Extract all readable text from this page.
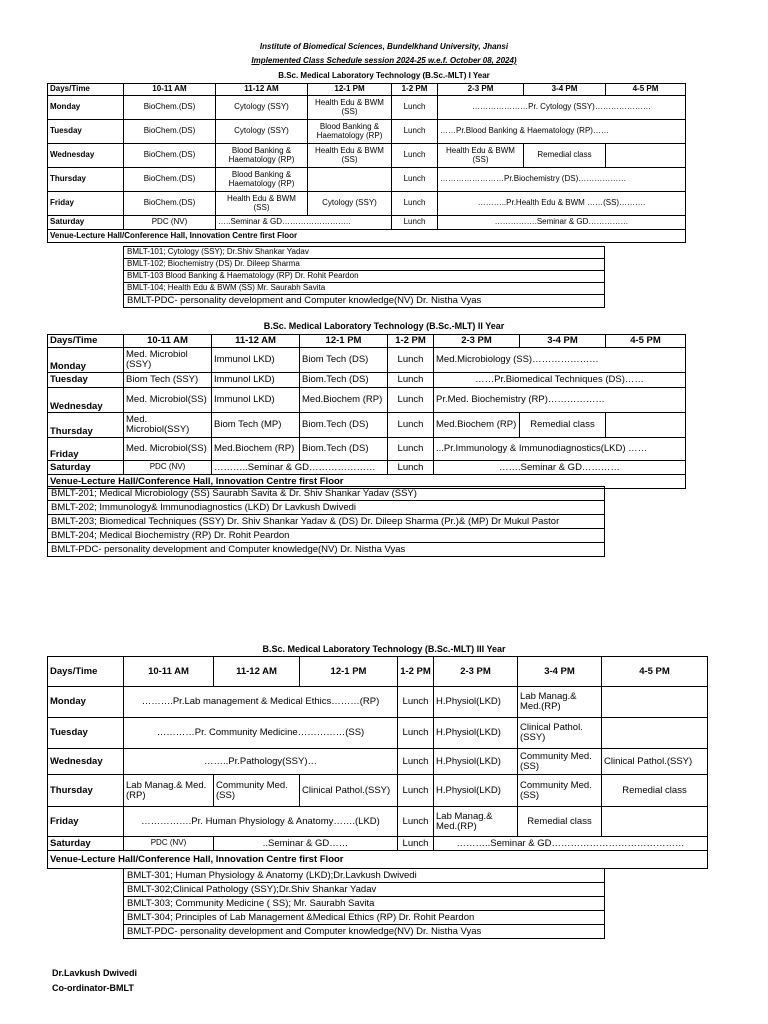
Institute of Biomedical Sciences, Bundelkhand University, Jhansi
Implemented Class Schedule session 2024-25 w.e.f. October 08, 2024)
B.Sc. Medical Laboratory Technology (B.Sc.-MLT) I Year
Days/Time	10-11 AM	11-12 AM	12-1 PM	1-2 PM	2-3 PM	3-4 PM	4-5 PM
Monday	BioChem.(DS)	Cytology (SSY)	Health Edu & BWM (SS)	Lunch	…………………Pr. Cytology (SSY)…………………		
Tuesday	BioChem.(DS)	Cytology (SSY)	Blood Banking & Haematology (RP)	Lunch	……Pr.Blood Banking & Haematology (RP)……		
Wednesday	BioChem.(DS)	Blood Banking & Haematology (RP)	Health Edu & BWM (SS)	Lunch	Health Edu & BWM (SS)	Remedial class	
Thursday	BioChem.(DS)	Blood Banking & Haematology (RP)		Lunch	……………………Pr.Biochemistry (DS)………………		
Friday	BioChem.(DS)	Health Edu & BWM (SS)	Cytology (SSY)	Lunch	………..Pr.Health Edu & BWM ……(SS)……….		
Saturday	PDC (NV)	…..Seminar & GD……………………..		Lunch	…………….Seminar & GD……………		
Venue-Lecture Hall/Conference Hall, Innovation Centre first Floor							
BMLT-101; Cytology (SSY); Dr.Shiv Shankar Yadav
BMLT-102; Biochemistry (DS) Dr. Dileep Sharma
BMLT-103 Blood Banking & Haematology (RP) Dr. Rohit Peardon
BMLT-104; Health Edu & BWM (SS) Mr. Saurabh Savita
BMLT-PDC- personality development and Computer knowledge(NV) Dr. Nistha Vyas
B.Sc. Medical Laboratory Technology (B.Sc.-MLT) II Year
Days/Time	10-11 AM	11-12 AM	12-1 PM	1-2 PM	2-3 PM	3-4 PM	4-5 PM
Monday	Med. Microbiol (SSY)	Immunol LKD)	Biom Tech (DS)	Lunch	Med.Microbiology (SS)…………………		
Tuesday	Biom Tech (SSY)	Immunol LKD)	Biom.Tech (DS)	Lunch	……Pr.Biomedical Techniques (DS)……		
Wednesday	Med. Microbiol(SS)	Immunol LKD)	Med.Biochem (RP)	Lunch	Pr.Med. Biochemistry (RP)………………		
Thursday	Med. Microbiol(SSY)	Biom Tech (MP)	Biom.Tech (DS)	Lunch	Med.Biochem (RP)	Remedial class	
Friday	Med. Microbiol(SS)	Med.Biochem (RP)	Biom.Tech (DS)	Lunch	...Pr.Immunology & Immunodiagnostics(LKD) ……		
Saturday	PDC (NV)	………..Seminar & GD…………………		Lunch	…….Seminar & GD…………		
Venue-Lecture Hall/Conference Hall, Innovation Centre first Floor							
BMLT-201; Medical Microbiology (SS) Saurabh Savita & Dr. Shiv Shankar Yadav (SSY)
BMLT-202; Immunology& Immunodiagnostics (LKD) Dr Lavkush Dwivedi
BMLT-203; Biomedical Techniques (SSY) Dr. Shiv Shankar Yadav & (DS) Dr. Dileep Sharma (Pr.)& (MP) Dr Mukul Pastor
BMLT-204; Medical Biochemistry (RP) Dr. Rohit Peardon
BMLT-PDC- personality development and Computer knowledge(NV) Dr. Nistha Vyas
B.Sc. Medical Laboratory Technology (B.Sc.-MLT) III Year
Days/Time	10-11 AM	11-12 AM	12-1 PM	1-2 PM	2-3 PM	3-4 PM	4-5 PM
Monday	……….Pr.Lab management & Medical Ethics………(RP)			Lunch	H.Physiol(LKD)	Lab Manag.& Med.(RP)	
Tuesday	…………Pr. Community Medicine……………(SS)			Lunch	H.Physiol(LKD)	Clinical Pathol.(SSY)	
Wednesday	……..Pr.Pathology(SSY)…			Lunch	H.Physiol(LKD)	Community Med.(SS)	Clinical Pathol.(SSY)
Thursday	Lab Manag.& Med.(RP)	Community Med.(SS)	Clinical Pathol.(SSY)	Lunch	H.Physiol(LKD)	Community Med.(SS)	Remedial class
Friday	…………….Pr. Human Physiology & Anatomy…….(LKD)			Lunch	Lab Manag.& Med.(RP)	Remedial class	
Saturday	PDC (NV)	..Seminar & GD……		Lunch	………..Seminar & GD……………………………………		
Venue-Lecture Hall/Conference Hall, Innovation Centre first Floor							
BMLT-301; Human Physiology & Anatomy (LKD);Dr.Lavkush Dwivedi
BMLT-302;Clinical Pathology (SSY);Dr.Shiv Shankar Yadav
BMLT-303; Community Medicine ( SS); Mr. Saurabh Savita
BMLT-304; Principles of Lab Management &Medical Ethics (RP) Dr. Rohit Peardon
BMLT-PDC- personality development and Computer knowledge(NV) Dr. Nistha Vyas
Dr.Lavkush Dwivedi
Co-ordinator-BMLT
